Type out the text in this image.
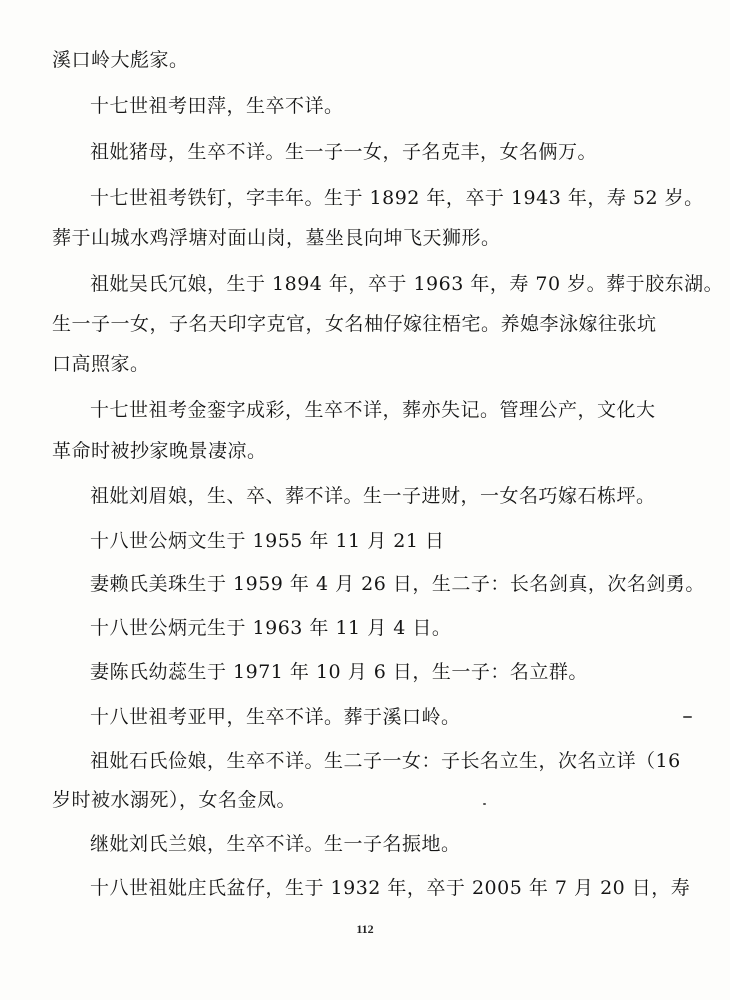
溪口岭大彪家。
十七世祖考田萍，生卒不详。
祖妣猪母，生卒不详。生一子一女，子名克丰，女名俩万。
十七世祖考铁钉，字丰年。生于 1892 年，卒于 1943 年，寿 52 岁。
葬于山城水鸡浮塘对面山岗，墓坐艮向坤飞天狮形。
祖妣吴氏冗娘，生于 1894 年，卒于 1963 年，寿 70 岁。葬于胶东湖。
生一子一女，子名天印字克官，女名柚仔嫁往梧宅。养媳李泳嫁往张坑
口高照家。
十七世祖考金銮字成彩，生卒不详，葬亦失记。管理公产，文化大
革命时被抄家晚景凄凉。
祖妣刘眉娘，生、卒、葬不详。生一子进财，一女名巧嫁石栋坪。
十八世公炳文生于 1955 年 11 月 21 日
妻赖氏美珠生于 1959 年 4 月 26 日，生二子：长名剑真，次名剑勇。
十八世公炳元生于 1963 年 11 月 4 日。
妻陈氏幼蕊生于 1971 年 10 月 6 日，生一子：名立群。
十八世祖考亚甲，生卒不详。葬于溪口岭。
祖妣石氏俭娘，生卒不详。生二子一女：子长名立生，次名立详（16
岁时被水溺死），女名金凤。
继妣刘氏兰娘，生卒不详。生一子名振地。
十八世祖妣庄氏盆仔，生于 1932 年，卒于 2005 年 7 月 20 日，寿
112
